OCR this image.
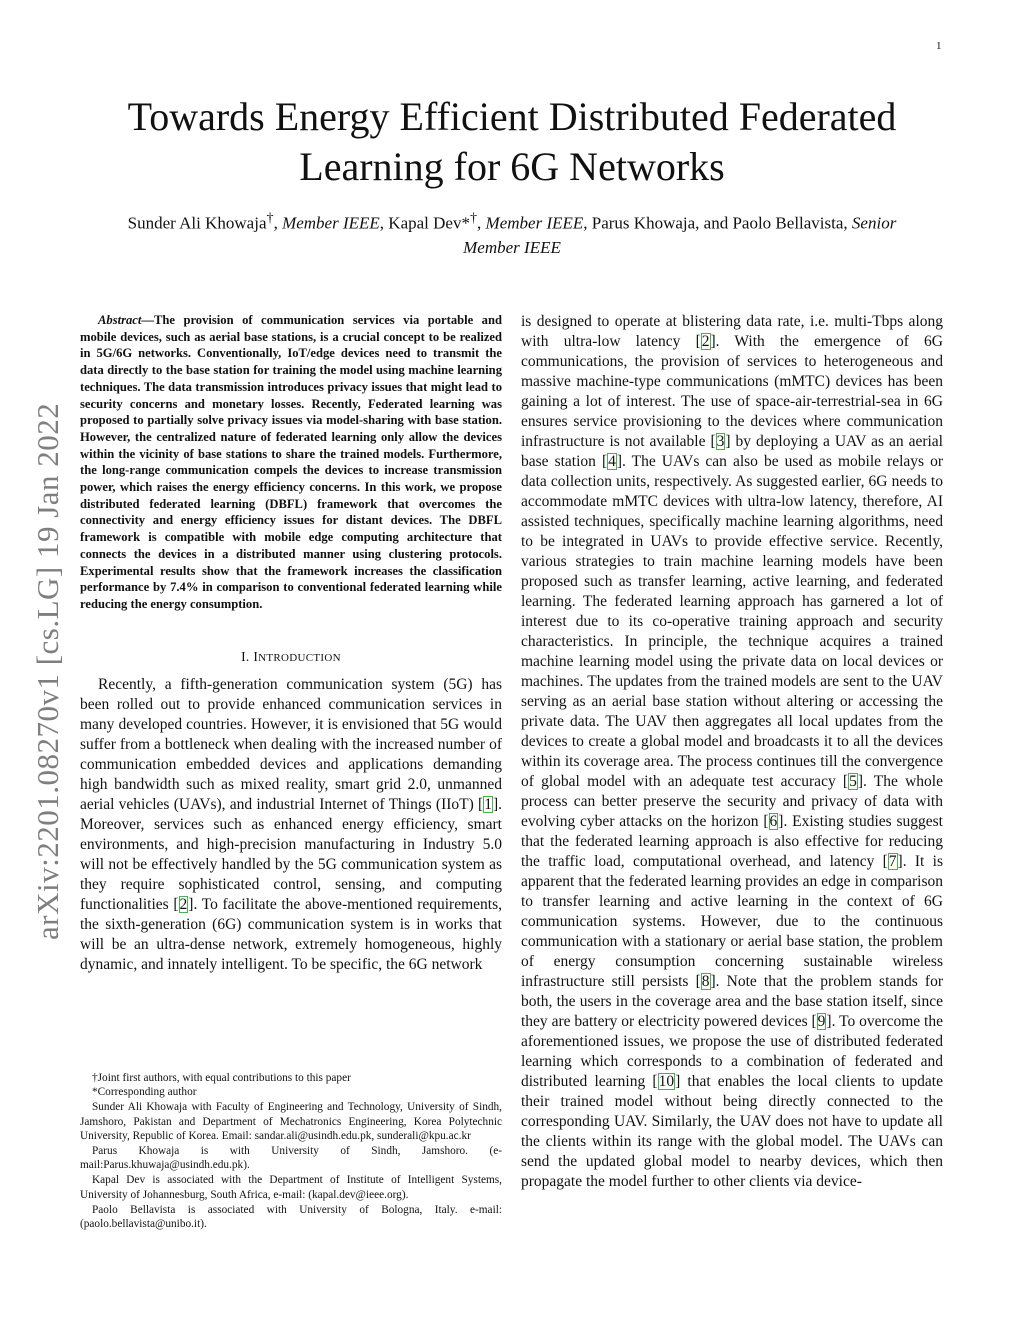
1
arXiv:2201.08270v1 [cs.LG] 19 Jan 2022
Towards Energy Efficient Distributed Federated
Learning for 6G Networks
Sunder Ali Khowaja†, Member IEEE, Kapal Dev*†, Member IEEE, Parus Khowaja, and Paolo Bellavista, Senior
Member IEEE

Abstract—The provision of communication services via portable and mobile devices, such as aerial base stations, is a crucial concept to be realized in 5G/6G networks. Conventionally, IoT/edge devices need to transmit the data directly to the base station for training the model using machine learning techniques. The data transmission introduces privacy issues that might lead to security concerns and monetary losses. Recently, Federated learning was proposed to partially solve privacy issues via model-sharing with base station. However, the centralized nature of federated learning only allow the devices within the vicinity of base stations to share the trained models. Furthermore, the long-range communication compels the devices to increase transmission power, which raises the energy efficiency concerns. In this work, we propose distributed federated learning (DBFL) framework that overcomes the connectivity and energy efficiency issues for distant devices. The DBFL framework is compatible with mobile edge computing architecture that connects the devices in a distributed manner using clustering protocols. Experimental results show that the framework increases the classification performance by 7.4% in comparison to conventional federated learning while reducing the energy consumption.

I. INTRODUCTION

Recently, a fifth-generation communication system (5G) has been rolled out to provide enhanced communication services in many developed countries. However, it is envisioned that 5G would suffer from a bottleneck when dealing with the increased number of communication embedded devices and applications demanding high bandwidth such as mixed reality, smart grid 2.0, unmanned aerial vehicles (UAVs), and industrial Internet of Things (IIoT) [1]. Moreover, services such as enhanced energy efficiency, smart environments, and high-precision manufacturing in Industry 5.0 will not be effectively handled by the 5G communication system as they require sophisticated control, sensing, and computing functionalities [2]. To facilitate the above-mentioned requirements, the sixth-generation (6G) communication system is in works that will be an ultra-dense network, extremely homogeneous, highly dynamic, and innately intelligent. To be specific, the 6G network

†Joint first authors, with equal contributions to this paper

*Corresponding author

Sunder Ali Khowaja with Faculty of Engineering and Technology, University of Sindh, Jamshoro, Pakistan and Department of Mechatronics Engineering, Korea Polytechnic University, Republic of Korea. Email: sandar.ali@usindh.edu.pk, sunderali@kpu.ac.kr

Parus Khowaja is with University of Sindh, Jamshoro. (e-mail:Parus.khuwaja@usindh.edu.pk).

Kapal Dev is associated with the Department of Institute of Intelligent Systems, University of Johannesburg, South Africa, e-mail: (kapal.dev@ieee.org).

Paolo Bellavista is associated with University of Bologna, Italy. e-mail: (paolo.bellavista@unibo.it).

is designed to operate at blistering data rate, i.e. multi-Tbps along with ultra-low latency [2]. With the emergence of 6G communications, the provision of services to heterogeneous and massive machine-type communications (mMTC) devices has been gaining a lot of interest. The use of space-air-terrestrial-sea in 6G ensures service provisioning to the devices where communication infrastructure is not available [3] by deploying a UAV as an aerial base station [4]. The UAVs can also be used as mobile relays or data collection units, respectively. As suggested earlier, 6G needs to accommodate mMTC devices with ultra-low latency, therefore, AI assisted techniques, specifically machine learning algorithms, need to be integrated in UAVs to provide effective service. Recently, various strategies to train machine learning models have been proposed such as transfer learning, active learning, and federated learning. The federated learning approach has garnered a lot of interest due to its co-operative training approach and security characteristics. In principle, the technique acquires a trained machine learning model using the private data on local devices or machines. The updates from the trained models are sent to the UAV serving as an aerial base station without altering or accessing the private data. The UAV then aggregates all local updates from the devices to create a global model and broadcasts it to all the devices within its coverage area. The process continues till the convergence of global model with an adequate test accuracy [5]. The whole process can better preserve the security and privacy of data with evolving cyber attacks on the horizon [6]. Existing studies suggest that the federated learning approach is also effective for reducing the traffic load, computational overhead, and latency [7]. It is apparent that the federated learning provides an edge in comparison to transfer learning and active learning in the context of 6G communication systems. However, due to the continuous communication with a stationary or aerial base station, the problem of energy consumption concerning sustainable wireless infrastructure still persists [8]. Note that the problem stands for both, the users in the coverage area and the base station itself, since they are battery or electricity powered devices [9]. To overcome the aforementioned issues, we propose the use of distributed federated learning which corresponds to a combination of federated and distributed learning [10] that enables the local clients to update their trained model without being directly connected to the corresponding UAV. Similarly, the UAV does not have to update all the clients within its range with the global model. The UAVs can send the updated global model to nearby devices, which then propagate the model further to other clients via device-
